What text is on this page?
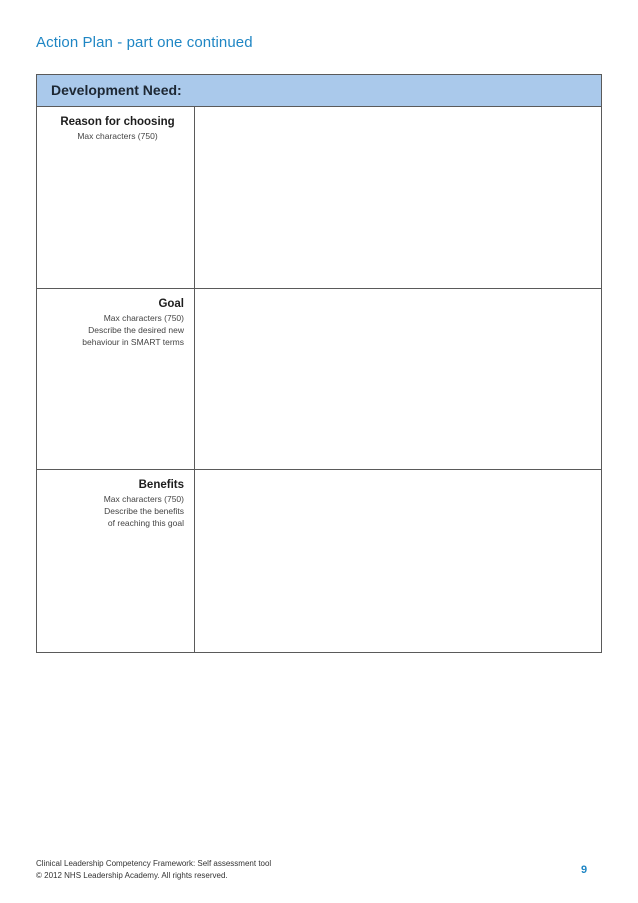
Action Plan - part one continued
Development Need:
Reason for choosing
Max characters (750)
Goal
Max characters (750)
Describe the desired new
behaviour in SMART terms
Benefits
Max characters (750)
Describe the benefits
of reaching this goal
Clinical Leadership Competency Framework: Self assessment tool
© 2012 NHS Leadership Academy. All rights reserved.	9
